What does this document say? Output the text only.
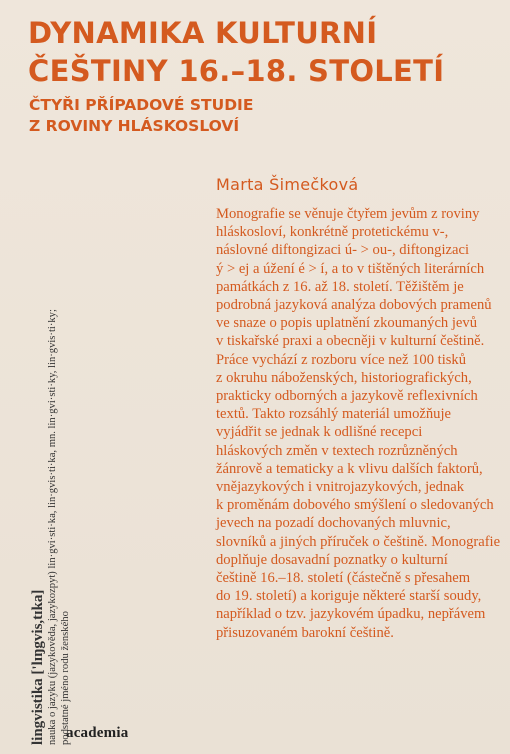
DYNAMIKA KULTURNÍ
ČEŠTINY 16.–18. STOLETÍ
ČTYŘI PŘÍPADOVÉ STUDIE
Z ROVINY HLÁSKOSLOVÍ
Marta Šimečková
Monografie se věnuje čtyřem jevům z roviny
hláskosloví, konkrétně protetickému v-,
náslovné diftongizaci ú- > ou-, diftongizaci
ý > ej a úžení é > í, a to v tištěných literárních
památkách z 16. až 18. století. Těžištěm je
podrobná jazyková analýza dobových pramenů
ve snaze o popis uplatnění zkoumaných jevů
v tiskařské praxi a obecněji v kulturní češtině.
Práce vychází z rozboru více než 100 tisků
z okruhu náboženských, historiografických,
prakticky odborných a jazykově reflexivních
textů. Takto rozsáhlý materiál umožňuje
vyjádřit se jednak k odlišné recepci
hláskových změn v textech rozrůzněných
žánrově a tematicky a k vlivu dalších faktorů,
vnějazykových i vnitrojazykových, jednak
k proměnám dobového smýšlení o sledovaných
jevech na pozadí dochovaných mluvnic,
slovníků a jiných příruček o češtině. Monografie
doplňuje dosavadní poznatky o kulturní
češtině 16.–18. století (částečně s přesahem
do 19. století) a koriguje některé starší soudy,
například o tzv. jazykovém úpadku, nepřávem
přisuzovaném barokní češtině.
lingvistika ['lɪŋgvis,tɪka] nauka o jazyku (jazykověda, jazykozpyt) lin·gvi·sti·ka, lin·gvis·ti·ka, mn. lin·gvi·sti·ky, lin·gvis·ti·ky; podstatné jméno rodu ženského
academia
